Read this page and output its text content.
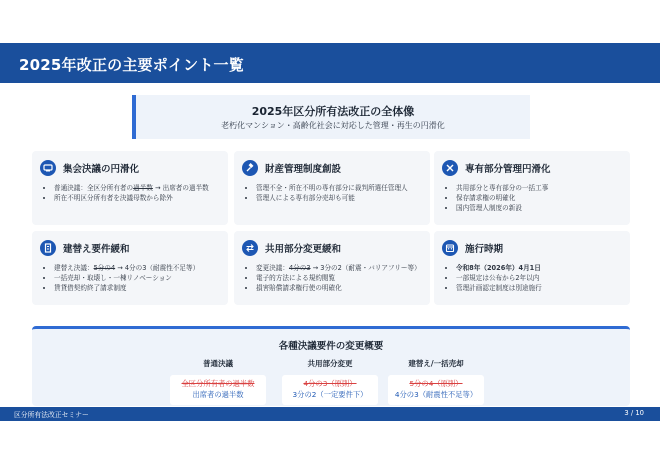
2025年改正の主要ポイント一覧
2025年区分所有法改正の全体像
老朽化マンション・高齢化社会に対応した管理・再生の円滑化
集会決議の円滑化
• 普通決議：全区分所有者の過半数 → 出席者の過半数
• 所在不明区分所有者を決議母数から除外
財産管理制度創設
• 管理不全・所在不明の専有部分に裁判所選任管理人
• 管理人による専有部分売却も可能
専有部分管理円滑化
• 共用部分と専有部分の一括工事
• 保存請求権の明確化
• 国内管理人制度の新設
建替え要件緩和
• 建替え決議：5分の4 → 4分の3（耐震性不足等）
• 一括売却・取壊し・一棟リノベーション
• 賃貸借契約終了請求制度
共用部分変更緩和
• 変更決議：4分の3 → 3分の2（耐震・バリアフリー等）
• 電子的方法による規約閲覧
• 損害賠償請求権行使の明確化
施行時期
• 令和8年（2026年）4月1日
• 一部規定は公布から2年以内
• 管理計画認定制度は別途施行
各種決議要件の変更概要
普通決議
全区分所有者の過半数
出席者の過半数
共用部分変更
4分の3（原則）
3分の2（一定要件下）
建替え/一括売却
5分の4（原則）
4分の3（耐震性不足等）
区分所有法改正セミナー	3 / 10
